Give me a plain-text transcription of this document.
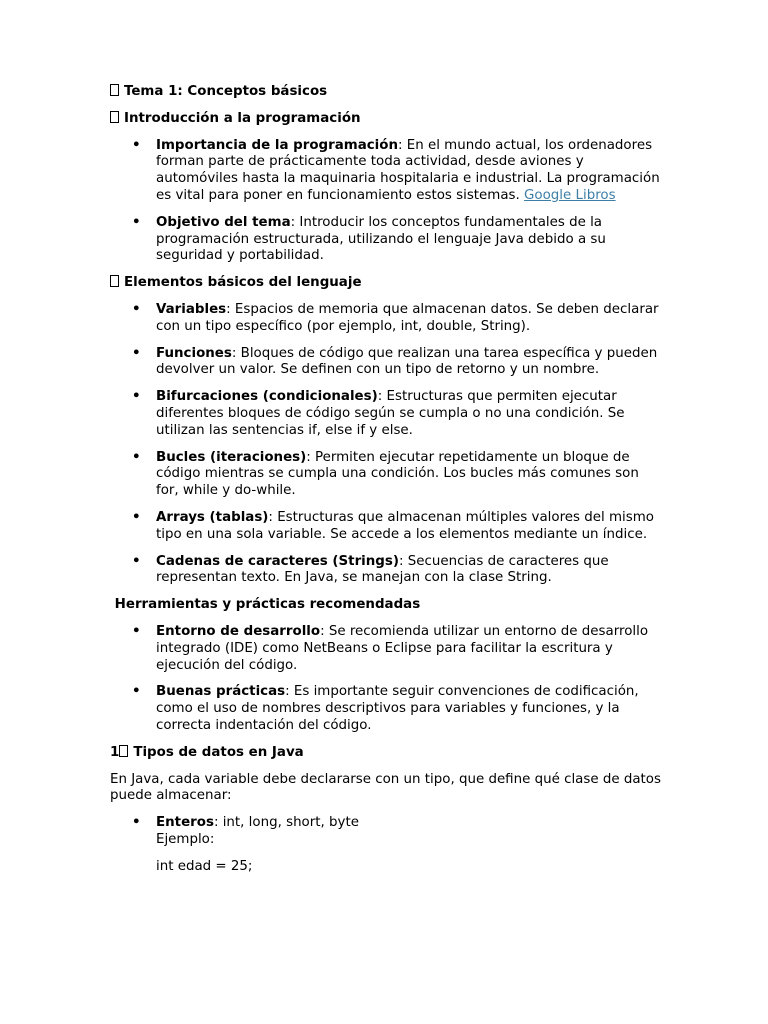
Tema 1: Conceptos básicos
Introducción a la programación
• Importancia de la programación: En el mundo actual, los ordenadores forman parte de prácticamente toda actividad, desde aviones y automóviles hasta la maquinaria hospitalaria e industrial. La programación es vital para poner en funcionamiento estos sistemas. Google Libros
• Objetivo del tema: Introducir los conceptos fundamentales de la programación estructurada, utilizando el lenguaje Java debido a su seguridad y portabilidad.
Elementos básicos del lenguaje
• Variables: Espacios de memoria que almacenan datos. Se deben declarar con un tipo específico (por ejemplo, int, double, String).
• Funciones: Bloques de código que realizan una tarea específica y pueden devolver un valor. Se definen con un tipo de retorno y un nombre.
• Bifurcaciones (condicionales): Estructuras que permiten ejecutar diferentes bloques de código según se cumpla o no una condición. Se utilizan las sentencias if, else if y else.
• Bucles (iteraciones): Permiten ejecutar repetidamente un bloque de código mientras se cumpla una condición. Los bucles más comunes son for, while y do-while.
• Arrays (tablas): Estructuras que almacenan múltiples valores del mismo tipo en una sola variable. Se accede a los elementos mediante un índice.
• Cadenas de caracteres (Strings): Secuencias de caracteres que representan texto. En Java, se manejan con la clase String.
Herramientas y prácticas recomendadas
• Entorno de desarrollo: Se recomienda utilizar un entorno de desarrollo integrado (IDE) como NetBeans o Eclipse para facilitar la escritura y ejecución del código.
• Buenas prácticas: Es importante seguir convenciones de codificación, como el uso de nombres descriptivos para variables y funciones, y la correcta indentación del código.
1 Tipos de datos en Java
En Java, cada variable debe declararse con un tipo, que define qué clase de datos puede almacenar:
• Enteros: int, long, short, byte
Ejemplo:
int edad = 25;
